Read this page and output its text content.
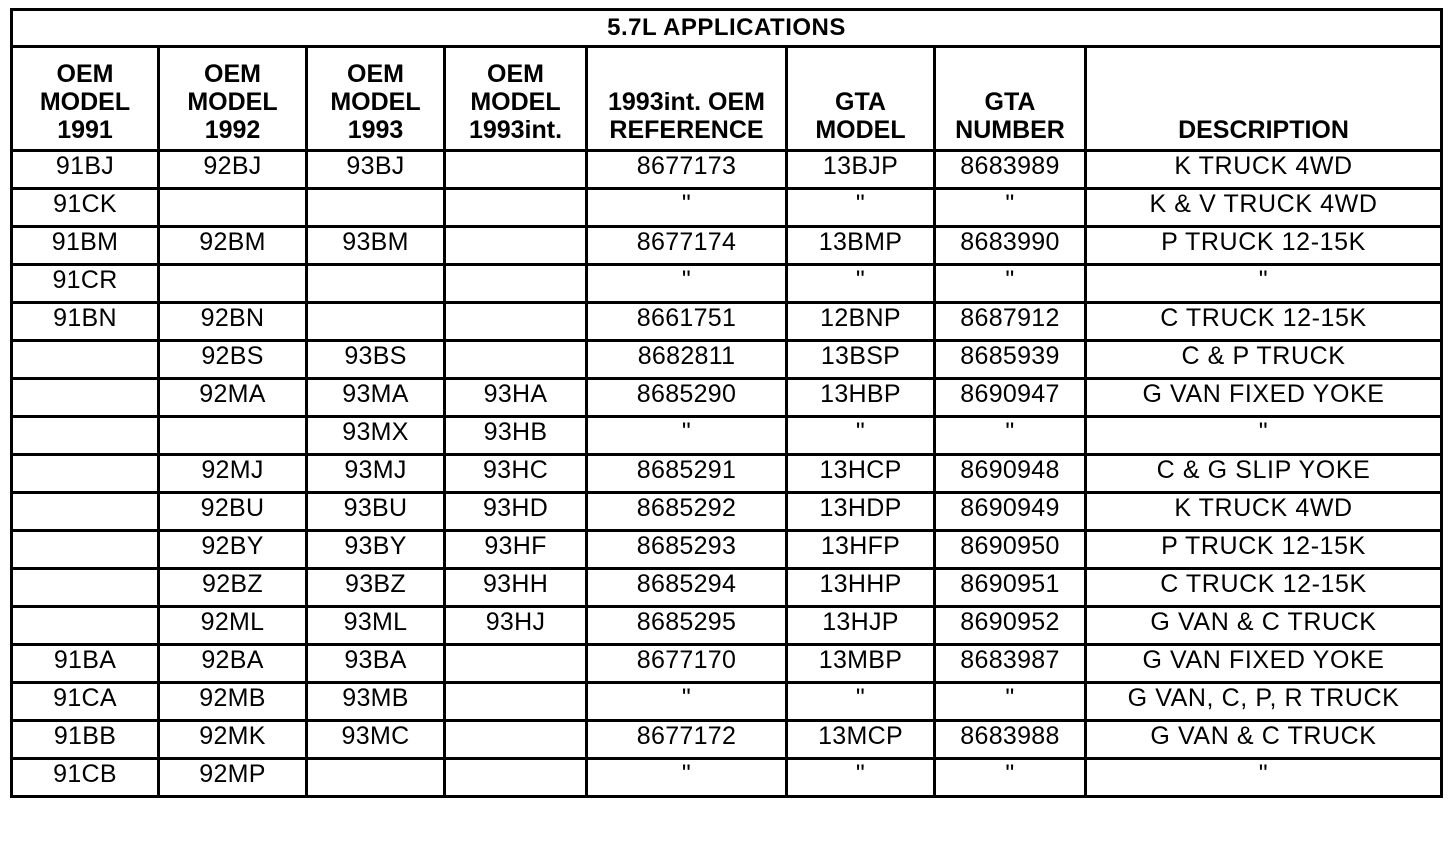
5.7L APPLICATIONS							
OEM
MODEL
1991	OEM
MODEL
1992	OEM
MODEL
1993	OEM
MODEL
1993int.	1993int. OEM
REFERENCE	GTA
MODEL	GTA
NUMBER	DESCRIPTION
91BJ	92BJ	93BJ		8677173	13BJP	8683989	K TRUCK 4WD
91CK				"	"	"	K & V TRUCK 4WD
91BM	92BM	93BM		8677174	13BMP	8683990	P TRUCK 12-15K
91CR				"	"	"	"
91BN	92BN			8661751	12BNP	8687912	C TRUCK 12-15K
	92BS	93BS		8682811	13BSP	8685939	C & P TRUCK
	92MA	93MA	93HA	8685290	13HBP	8690947	G VAN FIXED YOKE
		93MX	93HB	"	"	"	"
	92MJ	93MJ	93HC	8685291	13HCP	8690948	C & G SLIP YOKE
	92BU	93BU	93HD	8685292	13HDP	8690949	K TRUCK 4WD
	92BY	93BY	93HF	8685293	13HFP	8690950	P TRUCK 12-15K
	92BZ	93BZ	93HH	8685294	13HHP	8690951	C TRUCK 12-15K
	92ML	93ML	93HJ	8685295	13HJP	8690952	G VAN & C TRUCK
91BA	92BA	93BA		8677170	13MBP	8683987	G VAN FIXED YOKE
91CA	92MB	93MB		"	"	"	G VAN, C, P, R TRUCK
91BB	92MK	93MC		8677172	13MCP	8683988	G VAN & C TRUCK
91CB	92MP			"	"	"	"
